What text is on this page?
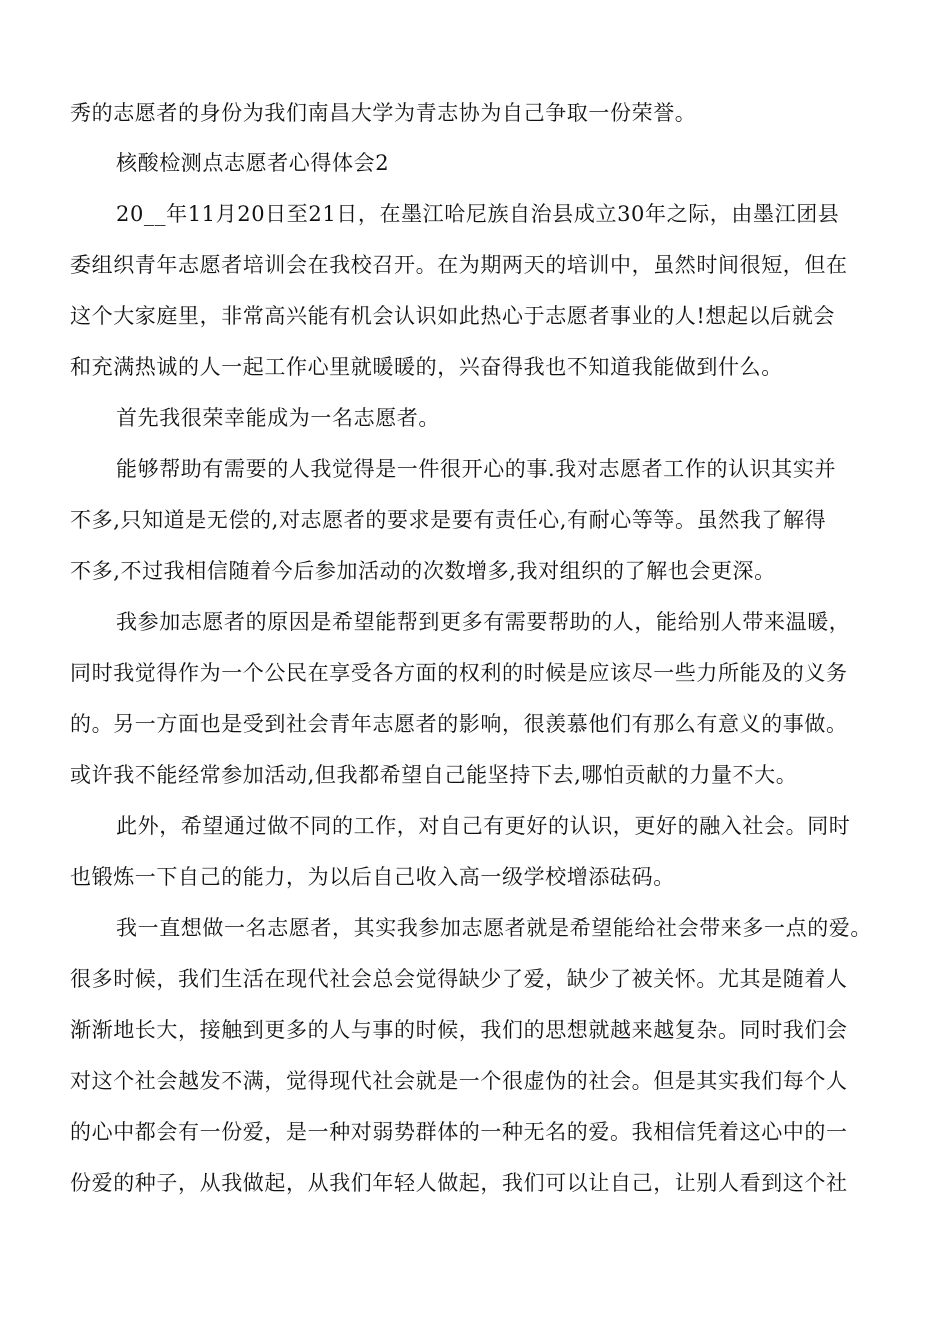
秀的志愿者的身份为我们南昌大学为青志协为自己争取一份荣誉。
核酸检测点志愿者心得体会2
20__年11月20日至21日，在墨江哈尼族自治县成立30年之际，由墨江团县
委组织青年志愿者培训会在我校召开。在为期两天的培训中，虽然时间很短，但在
这个大家庭里，非常高兴能有机会认识如此热心于志愿者事业的人!想起以后就会
和充满热诚的人一起工作心里就暖暖的，兴奋得我也不知道我能做到什么。
首先我很荣幸能成为一名志愿者。
能够帮助有需要的人我觉得是一件很开心的事.我对志愿者工作的认识其实并
不多,只知道是无偿的,对志愿者的要求是要有责任心,有耐心等等。虽然我了解得
不多,不过我相信随着今后参加活动的次数增多,我对组织的了解也会更深。
我参加志愿者的原因是希望能帮到更多有需要帮助的人，能给别人带来温暖，
同时我觉得作为一个公民在享受各方面的权利的时候是应该尽一些力所能及的义务
的。另一方面也是受到社会青年志愿者的影响，很羡慕他们有那么有意义的事做。
或许我不能经常参加活动,但我都希望自己能坚持下去,哪怕贡献的力量不大。
此外，希望通过做不同的工作，对自己有更好的认识，更好的融入社会。同时
也锻炼一下自己的能力，为以后自己收入高一级学校增添砝码。
我一直想做一名志愿者，其实我参加志愿者就是希望能给社会带来多一点的爱。
很多时候，我们生活在现代社会总会觉得缺少了爱，缺少了被关怀。尤其是随着人
渐渐地长大，接触到更多的人与事的时候，我们的思想就越来越复杂。同时我们会
对这个社会越发不满，觉得现代社会就是一个很虚伪的社会。但是其实我们每个人
的心中都会有一份爱，是一种对弱势群体的一种无名的爱。我相信凭着这心中的一
份爱的种子，从我做起，从我们年轻人做起，我们可以让自己，让别人看到这个社
